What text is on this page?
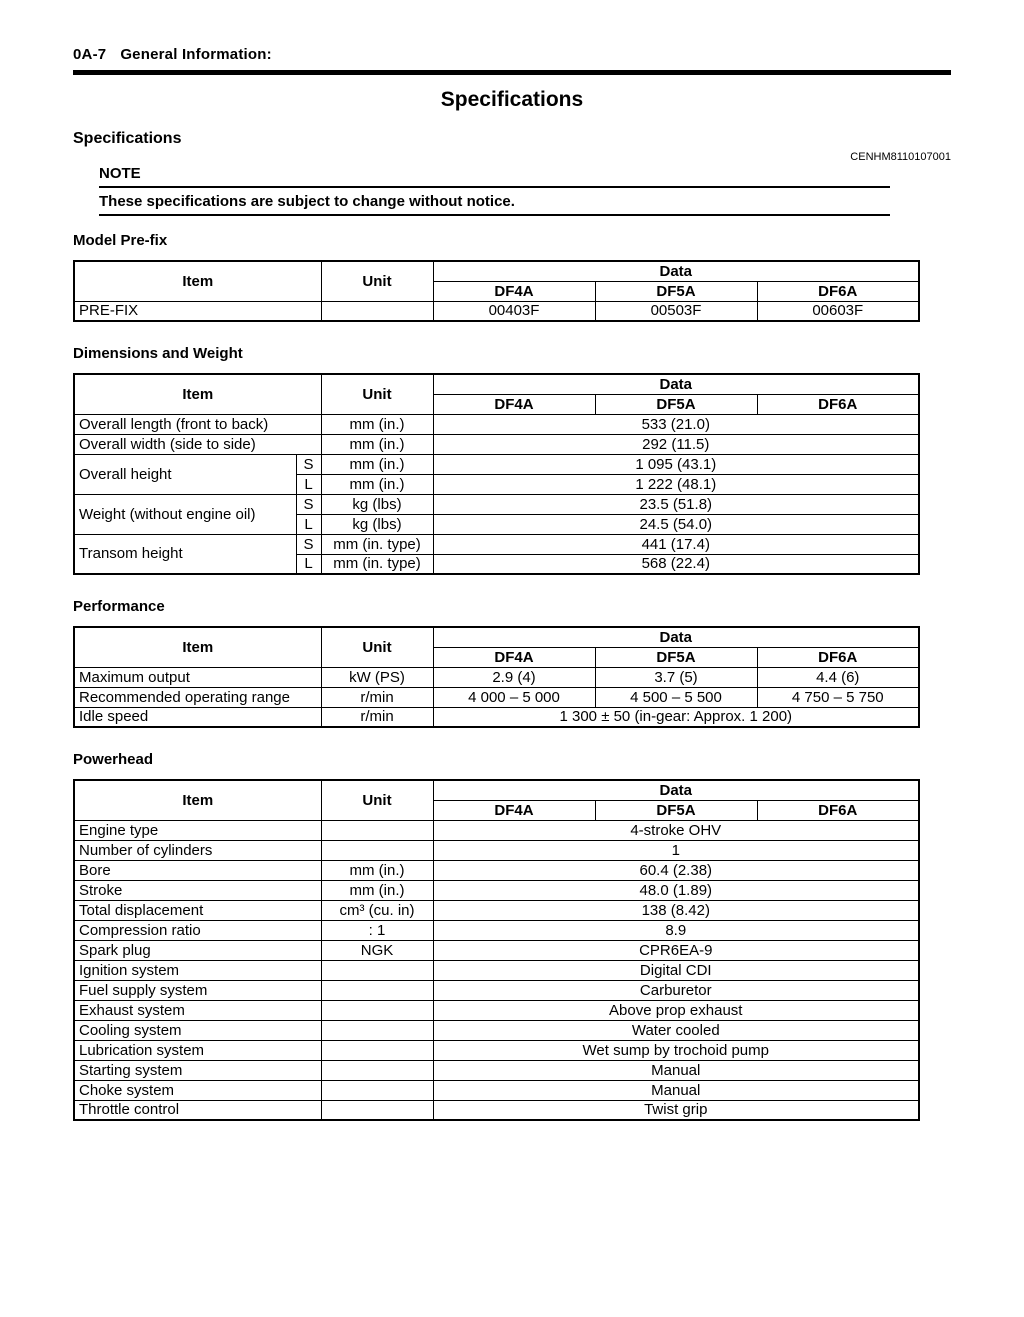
0A-7 General Information:
Specifications
Specifications
CENHM8110107001
NOTE
These specifications are subject to change without notice.
Model Pre-fix
Item	Unit	Data		
		DF4A	DF5A	DF6A
PRE-FIX		00403F	00503F	00603F
Dimensions and Weight
Item		Unit	Data		
			DF4A	DF5A	DF6A
Overall length (front to back)		mm (in.)	533 (21.0)		
Overall width (side to side)		mm (in.)	292 (11.5)		
Overall height	S	mm (in.)	1 095 (43.1)		
	L	mm (in.)	1 222 (48.1)		
Weight (without engine oil)	S	kg (lbs)	23.5 (51.8)		
	L	kg (lbs)	24.5 (54.0)		
Transom height	S	mm (in. type)	441 (17.4)		
	L	mm (in. type)	568 (22.4)		
Performance
Item	Unit	Data		
		DF4A	DF5A	DF6A
Maximum output	kW (PS)	2.9 (4)	3.7 (5)	4.4 (6)
Recommended operating range	r/min	4 000 – 5 000	4 500 – 5 500	4 750 – 5 750
Idle speed	r/min	1 300 ± 50 (in-gear: Approx. 1 200)		
Powerhead
Item	Unit	Data		
		DF4A	DF5A	DF6A
Engine type		4-stroke OHV		
Number of cylinders		1		
Bore	mm (in.)	60.4 (2.38)		
Stroke	mm (in.)	48.0 (1.89)		
Total displacement	cm³ (cu. in)	138 (8.42)		
Compression ratio	: 1	8.9		
Spark plug	NGK	CPR6EA-9		
Ignition system		Digital CDI		
Fuel supply system		Carburetor		
Exhaust system		Above prop exhaust		
Cooling system		Water cooled		
Lubrication system		Wet sump by trochoid pump		
Starting system		Manual		
Choke system		Manual		
Throttle control		Twist grip		
